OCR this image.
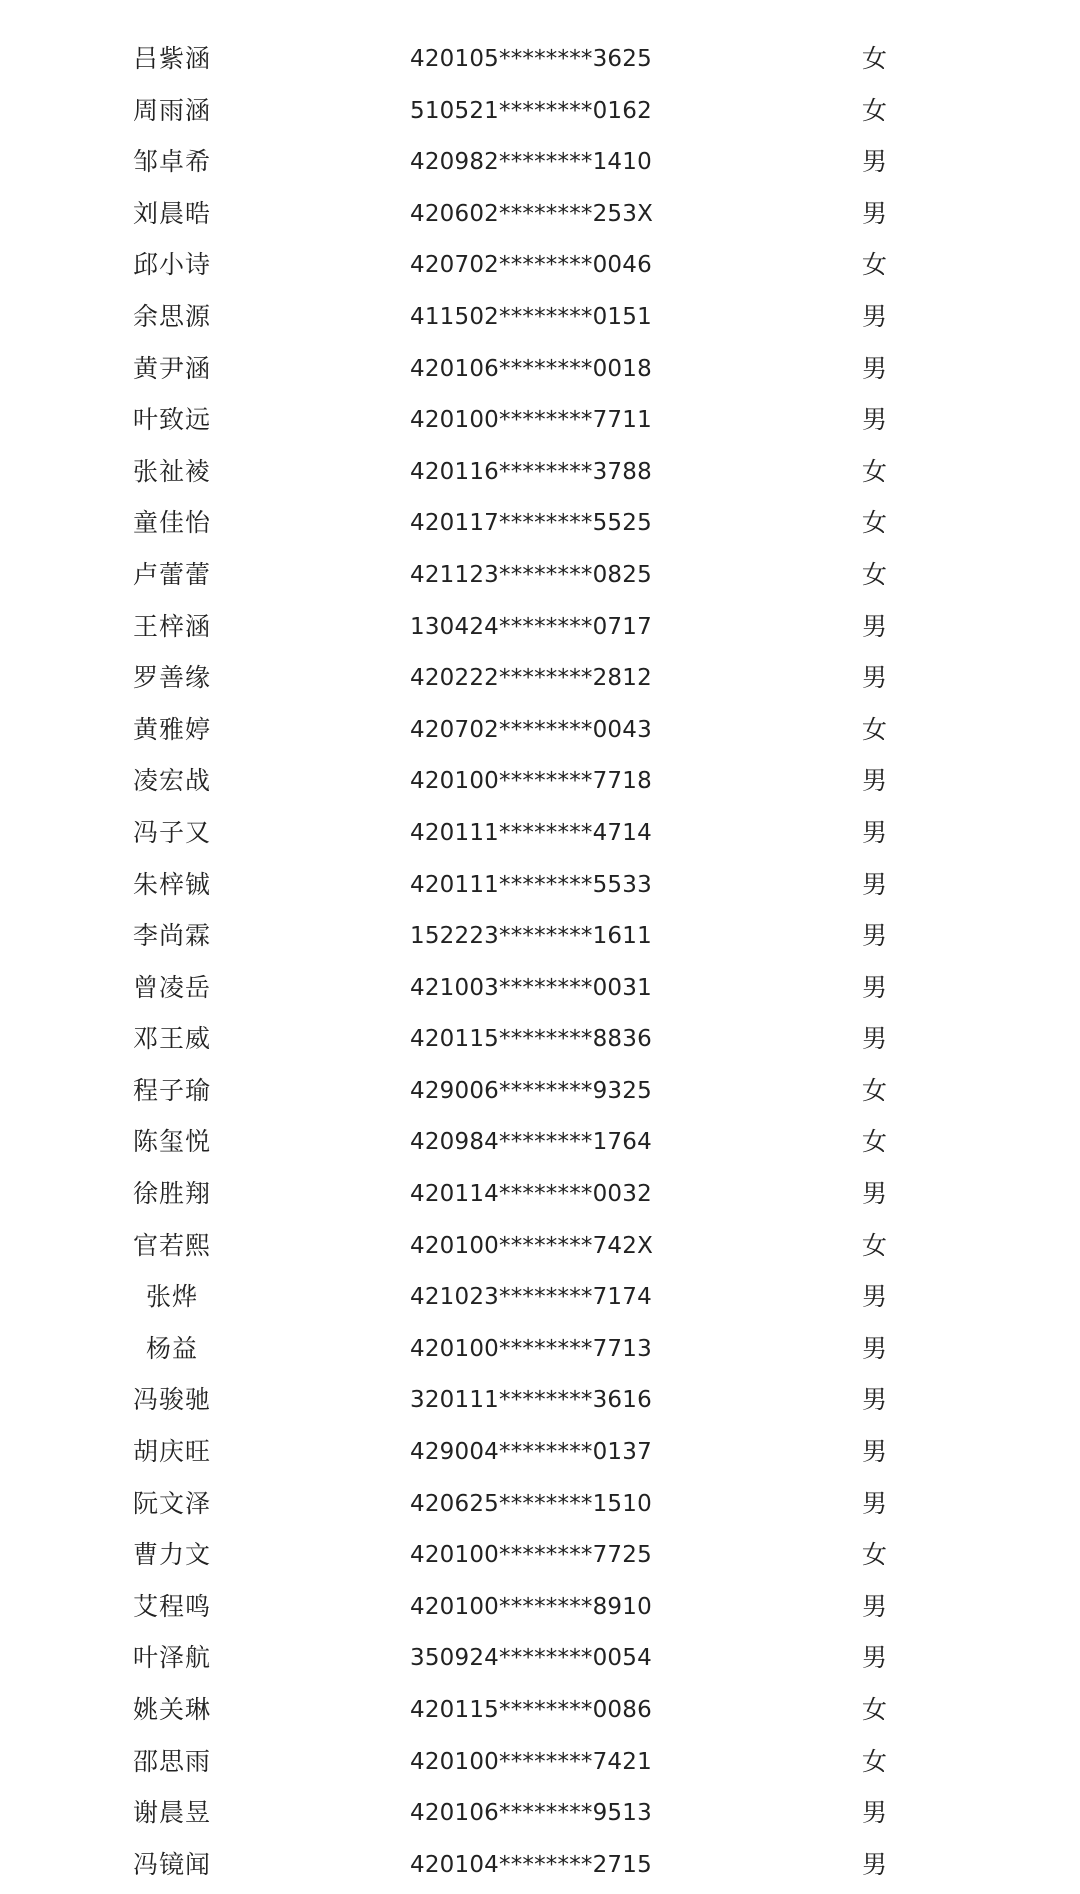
吕紫涵	420105********3625	女
周雨涵	510521********0162	女
邹卓希	420982********1410	男
刘晨晧	420602********253X	男
邱小诗	420702********0046	女
余思源	411502********0151	男
黄尹涵	420106********0018	男
叶致远	420100********7711	男
张祉裬	420116********3788	女
童佳怡	420117********5525	女
卢蕾蕾	421123********0825	女
王梓涵	130424********0717	男
罗善缘	420222********2812	男
黄雅婷	420702********0043	女
凌宏战	420100********7718	男
冯子又	420111********4714	男
朱梓铖	420111********5533	男
李尚霖	152223********1611	男
曾凌岳	421003********0031	男
邓王威	420115********8836	男
程子瑜	429006********9325	女
陈玺悦	420984********1764	女
徐胜翔	420114********0032	男
官若熙	420100********742X	女
张烨	421023********7174	男
杨益	420100********7713	男
冯骏驰	320111********3616	男
胡庆旺	429004********0137	男
阮文泽	420625********1510	男
曹力文	420100********7725	女
艾程鸣	420100********8910	男
叶泽航	350924********0054	男
姚关琳	420115********0086	女
邵思雨	420100********7421	女
谢晨昱	420106********9513	男
冯镜闻	420104********2715	男
